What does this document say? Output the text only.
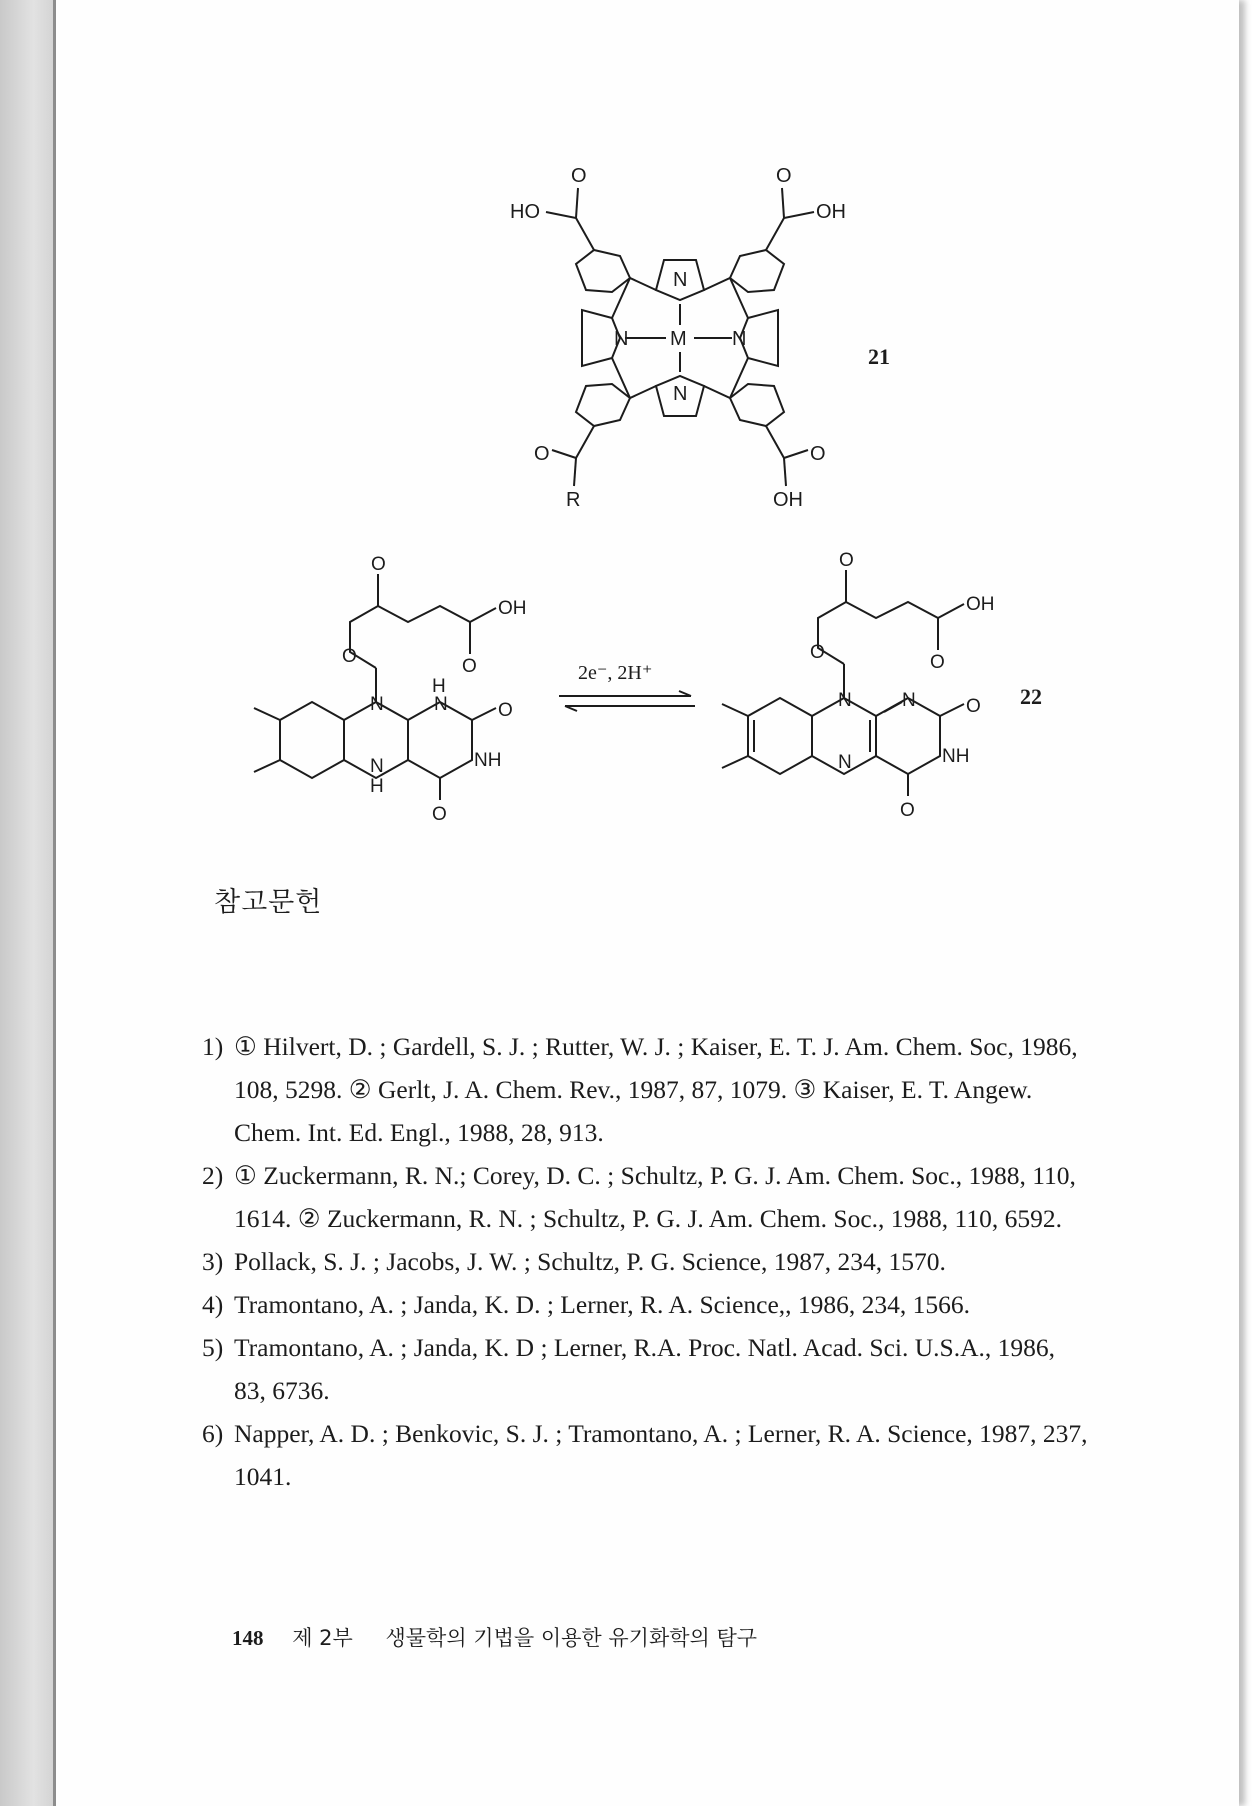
N
N
N	N
M
O
HO
O
OH
O
R
O
OH
21
N
N
H
N
H
NH
O
O
O
O
OH
O	2e⁻, 2H⁺
N
N
N
NH
O
O
O
O
OH
O
22
참고문헌
1) ① Hilvert, D. ; Gardell, S. J. ; Rutter, W. J. ; Kaiser, E. T. J. Am. Chem. Soc, 1986, 108, 5298. ② Gerlt, J. A. Chem. Rev., 1987, 87, 1079. ③ Kaiser, E. T. Angew. Chem. Int. Ed. Engl., 1988, 28, 913.
2) ① Zuckermann, R. N.; Corey, D. C. ; Schultz, P. G. J. Am. Chem. Soc., 1988, 110, 1614. ② Zuckermann, R. N. ; Schultz, P. G. J. Am. Chem. Soc., 1988, 110, 6592.
3) Pollack, S. J. ; Jacobs, J. W. ; Schultz, P. G. Science, 1987, 234, 1570.
4) Tramontano, A. ; Janda, K. D. ; Lerner, R. A. Science,, 1986, 234, 1566.
5) Tramontano, A. ; Janda, K. D ; Lerner, R.A. Proc. Natl. Acad. Sci. U.S.A., 1986, 83, 6736.
6) Napper, A. D. ; Benkovic, S. J. ; Tramontano, A. ; Lerner, R. A. Science, 1987, 237, 1041.
148 제 2부 생물학의 기법을 이용한 유기화학의 탐구
